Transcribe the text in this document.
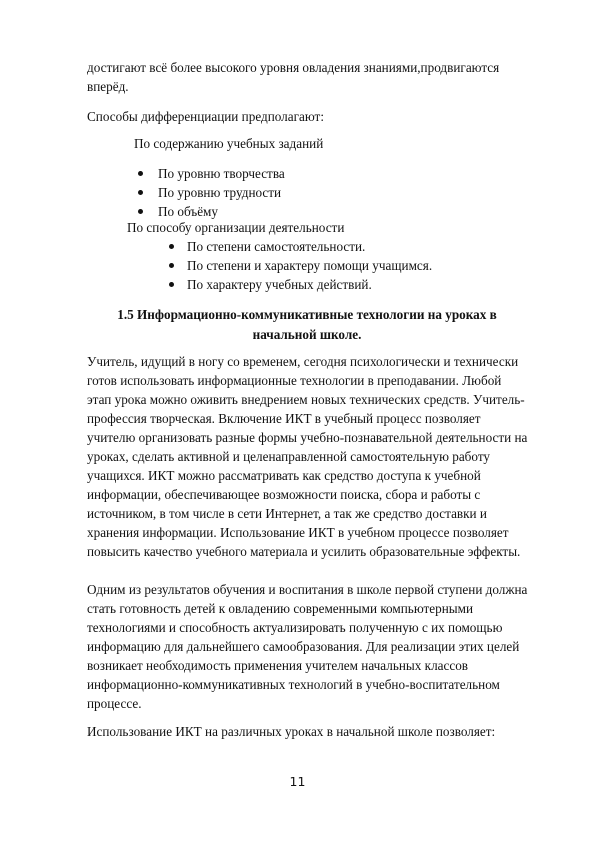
достигают всё более высокого уровня овладения знаниями,продвигаются
вперёд.
Способы дифференциации предполагают:
По содержанию учебных заданий
По уровню творчества
По уровню трудности
По объёму
По способу организации деятельности
По степени самостоятельности.
По степени и характеру помощи учащимся.
По характеру учебных действий.
1.5 Информационно-коммуникативные технологии на уроках в
начальной школе.
Учитель, идущий в ногу со временем, сегодня психологически и технически
готов использовать информационные технологии в преподавании. Любой
этап урока можно оживить внедрением новых технических средств. Учитель-
профессия творческая. Включение ИКТ в учебный процесс позволяет
учителю организовать разные формы учебно-познавательной деятельности на
уроках, сделать активной и целенаправленной самостоятельную работу
учащихся. ИКТ можно рассматривать как средство доступа к учебной
информации, обеспечивающее возможности поиска, сбора и работы с
источником, в том числе в сети Интернет, а так же средство доставки и
хранения информации. Использование ИКТ в учебном процессе позволяет
повысить качество учебного материала и усилить образовательные эффекты.
Одним из результатов обучения и воспитания в школе первой ступени должна
стать готовность детей к овладению современными компьютерными
технологиями и способность актуализировать полученную с их помощью
информацию для дальнейшего самообразования. Для реализации этих целей
возникает необходимость применения учителем начальных классов
информационно-коммуникативных технологий в учебно-воспитательном
процессе.
Использование ИКТ на различных уроках в начальной школе позволяет:
11
